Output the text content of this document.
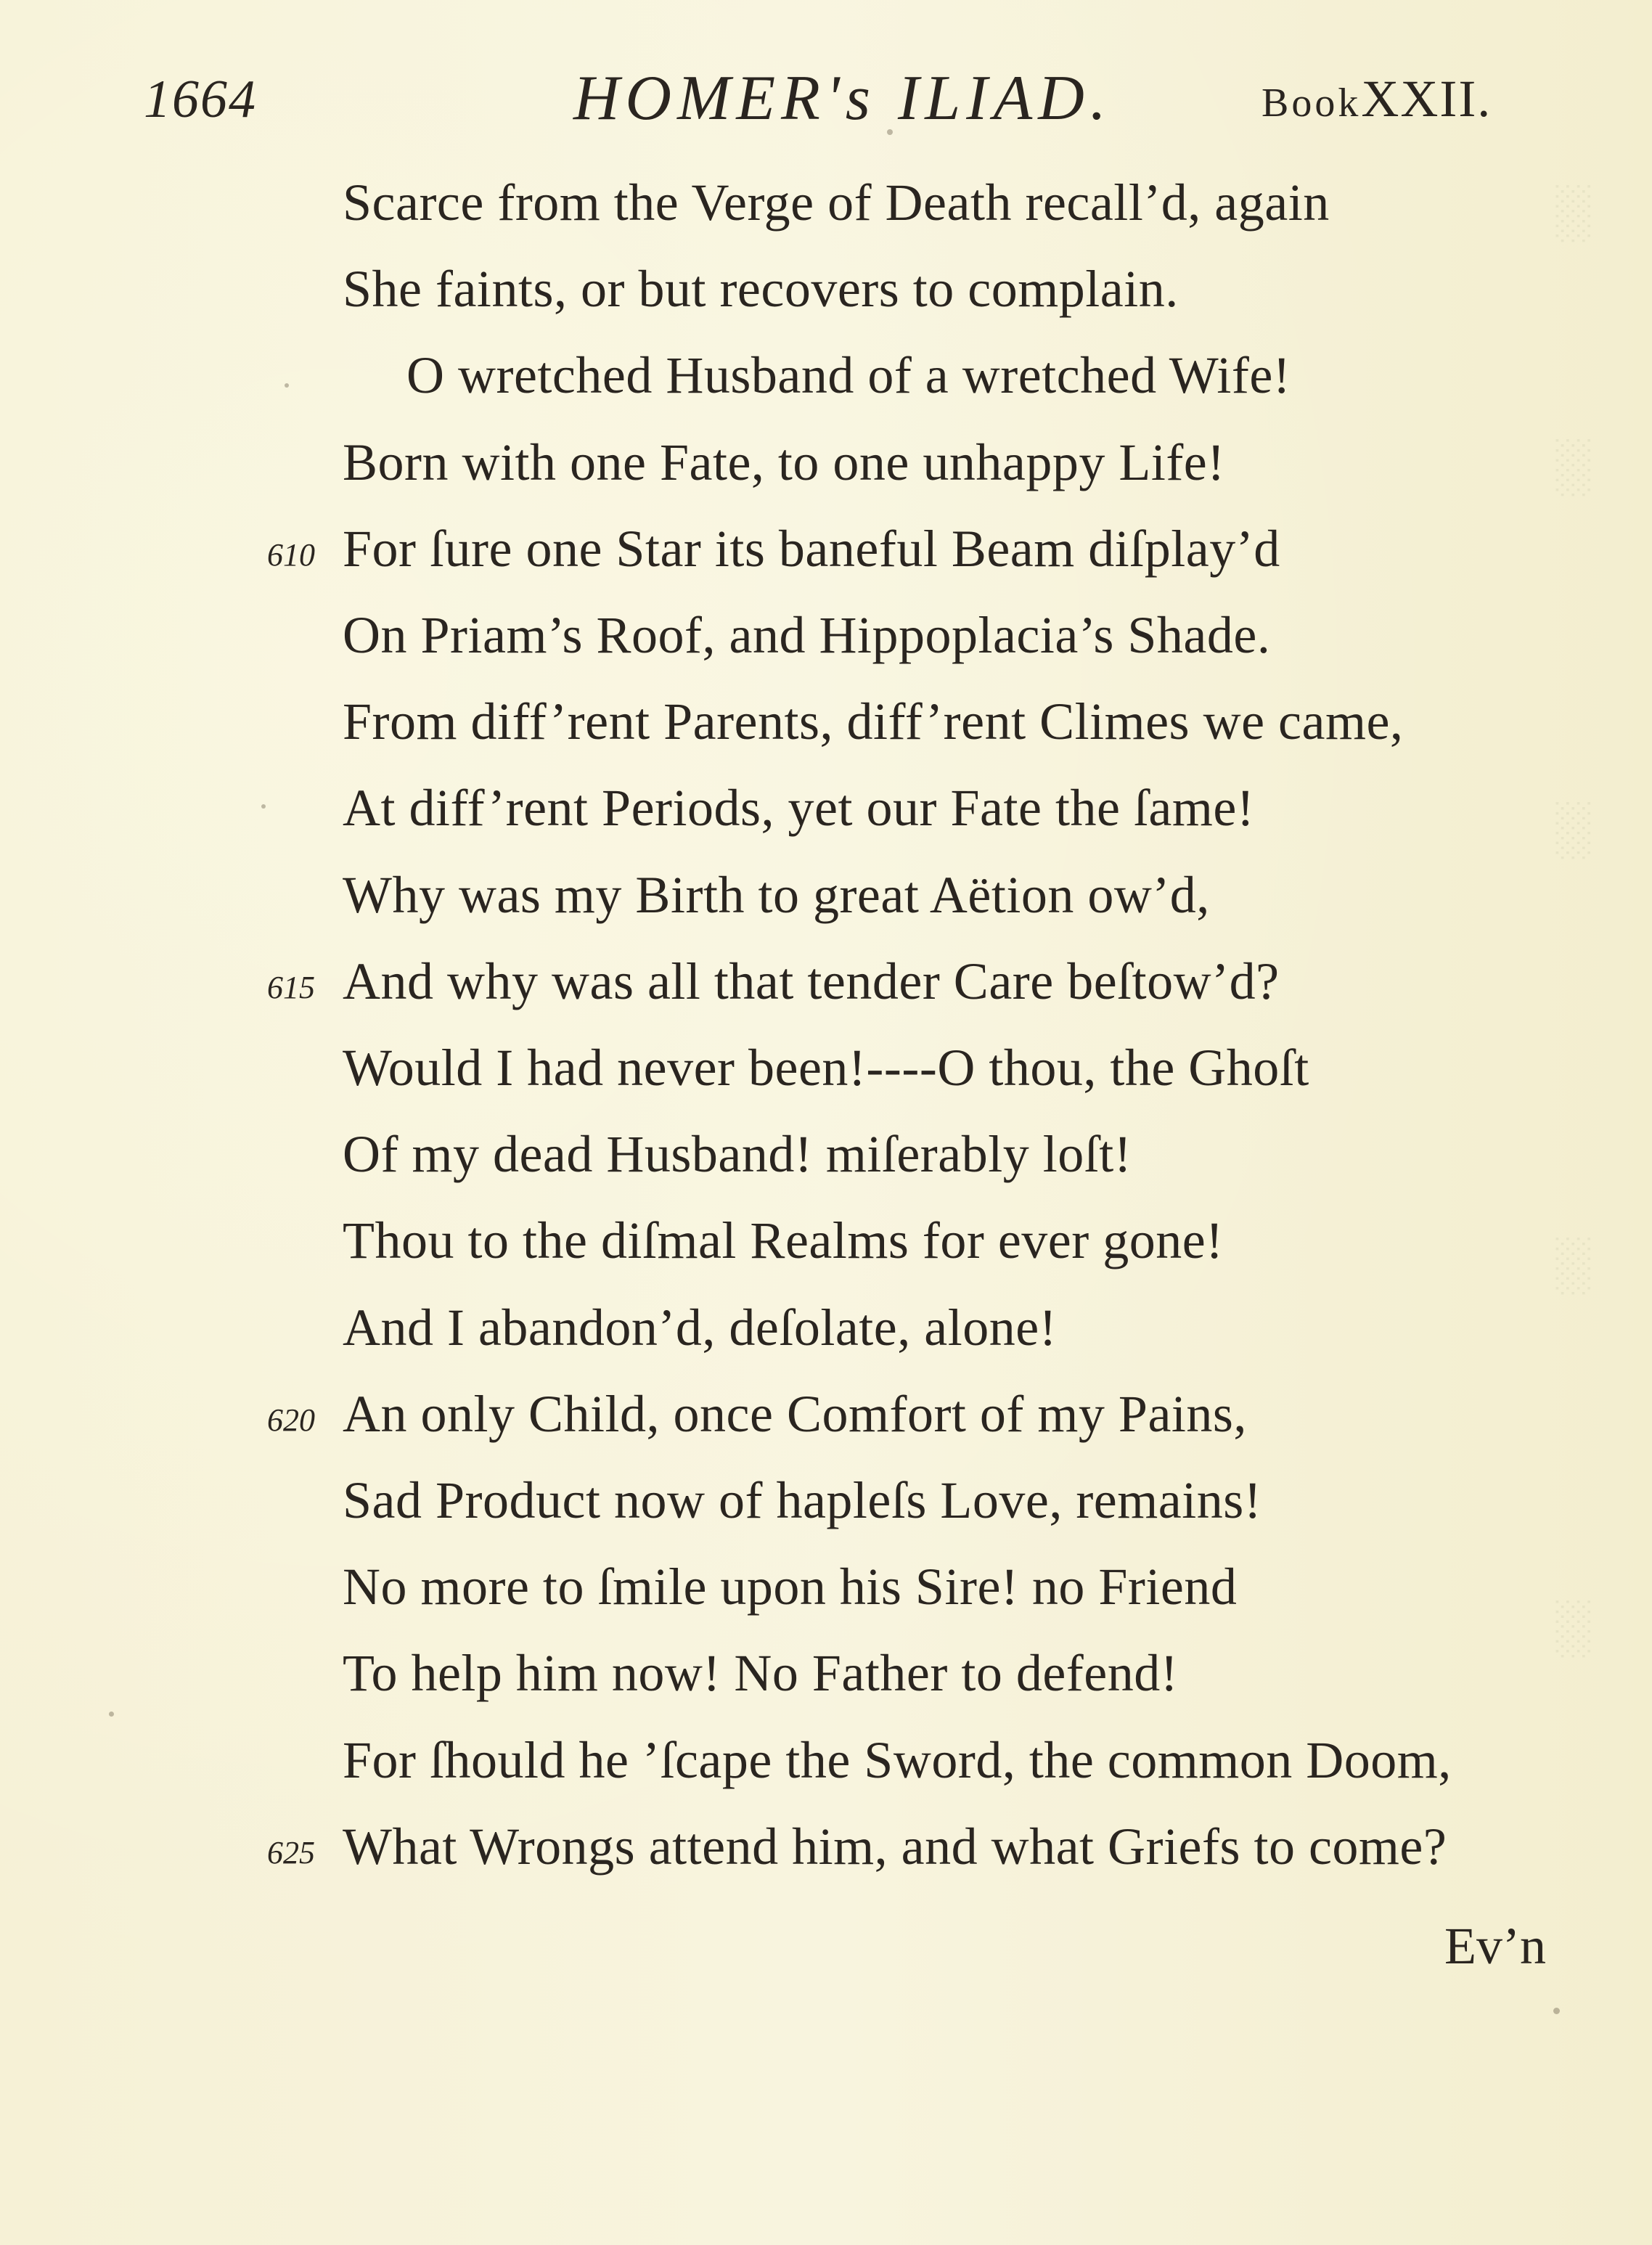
░
░
░
░
░
1664	HOMER's ILIAD.	BookXXII.
Scarce from the Verge of Death recall’d, again
She faints, or but recovers to complain.
O wretched Husband of a wretched Wife!
Born with one Fate, to one unhappy Life!
610 For ſure one Star its baneful Beam diſplay’d
On Priam’s Roof, and Hippoplacia’s Shade.
From diff’rent Parents, diff’rent Climes we came,
At diff’rent Periods, yet our Fate the ſame!
Why was my Birth to great Aëtion ow’d,
615 And why was all that tender Care beſtow’d?
Would I had never been!----O thou, the Ghoſt
Of my dead Husband! miſerably loſt!
Thou to the diſmal Realms for ever gone!
And I abandon’d, deſolate, alone!
620 An only Child, once Comfort of my Pains,
Sad Product now of hapleſs Love, remains!
No more to ſmile upon his Sire! no Friend
To help him now! No Father to defend!
For ſhould he ’ſcape the Sword, the common Doom,
625 What Wrongs attend him, and what Griefs to come?
Ev’n
